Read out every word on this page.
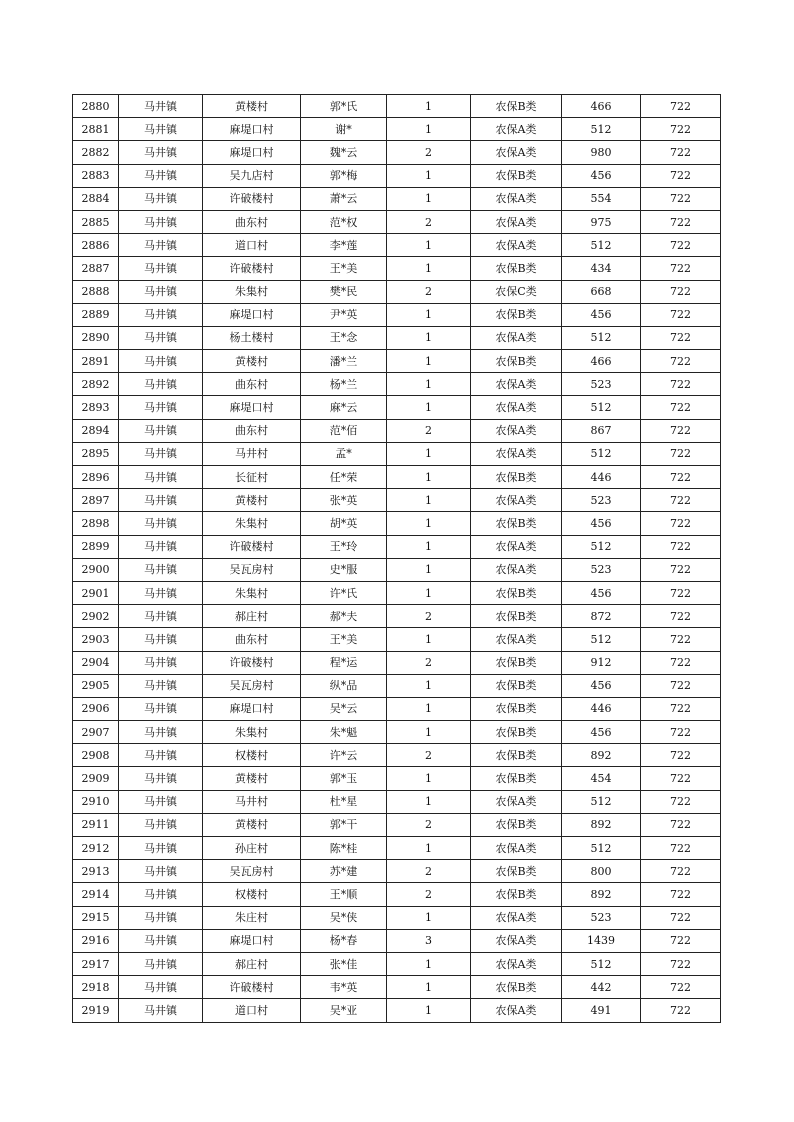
2880	马井镇	黄楼村	郭*氏	1	农保B类	466	722
2881	马井镇	麻堤口村	谢*	1	农保A类	512	722
2882	马井镇	麻堤口村	魏*云	2	农保A类	980	722
2883	马井镇	吴九店村	郭*梅	1	农保B类	456	722
2884	马井镇	许破楼村	萧*云	1	农保A类	554	722
2885	马井镇	曲东村	范*权	2	农保A类	975	722
2886	马井镇	道口村	李*莲	1	农保A类	512	722
2887	马井镇	许破楼村	王*美	1	农保B类	434	722
2888	马井镇	朱集村	樊*民	2	农保C类	668	722
2889	马井镇	麻堤口村	尹*英	1	农保B类	456	722
2890	马井镇	杨土楼村	王*念	1	农保A类	512	722
2891	马井镇	黄楼村	潘*兰	1	农保B类	466	722
2892	马井镇	曲东村	杨*兰	1	农保A类	523	722
2893	马井镇	麻堤口村	麻*云	1	农保A类	512	722
2894	马井镇	曲东村	范*佰	2	农保A类	867	722
2895	马井镇	马井村	孟*	1	农保A类	512	722
2896	马井镇	长征村	任*荣	1	农保B类	446	722
2897	马井镇	黄楼村	张*英	1	农保A类	523	722
2898	马井镇	朱集村	胡*英	1	农保B类	456	722
2899	马井镇	许破楼村	王*玲	1	农保A类	512	722
2900	马井镇	吴瓦房村	史*服	1	农保A类	523	722
2901	马井镇	朱集村	许*氏	1	农保B类	456	722
2902	马井镇	郝庄村	郝*夫	2	农保B类	872	722
2903	马井镇	曲东村	王*美	1	农保A类	512	722
2904	马井镇	许破楼村	程*运	2	农保B类	912	722
2905	马井镇	吴瓦房村	纵*品	1	农保B类	456	722
2906	马井镇	麻堤口村	吴*云	1	农保B类	446	722
2907	马井镇	朱集村	朱*魁	1	农保B类	456	722
2908	马井镇	权楼村	许*云	2	农保B类	892	722
2909	马井镇	黄楼村	郭*玉	1	农保B类	454	722
2910	马井镇	马井村	杜*星	1	农保A类	512	722
2911	马井镇	黄楼村	郭*干	2	农保B类	892	722
2912	马井镇	孙庄村	陈*桂	1	农保A类	512	722
2913	马井镇	吴瓦房村	苏*建	2	农保B类	800	722
2914	马井镇	权楼村	王*顺	2	农保B类	892	722
2915	马井镇	朱庄村	吴*侠	1	农保A类	523	722
2916	马井镇	麻堤口村	杨*春	3	农保A类	1439	722
2917	马井镇	郝庄村	张*佳	1	农保A类	512	722
2918	马井镇	许破楼村	韦*英	1	农保B类	442	722
2919	马井镇	道口村	吴*亚	1	农保A类	491	722
